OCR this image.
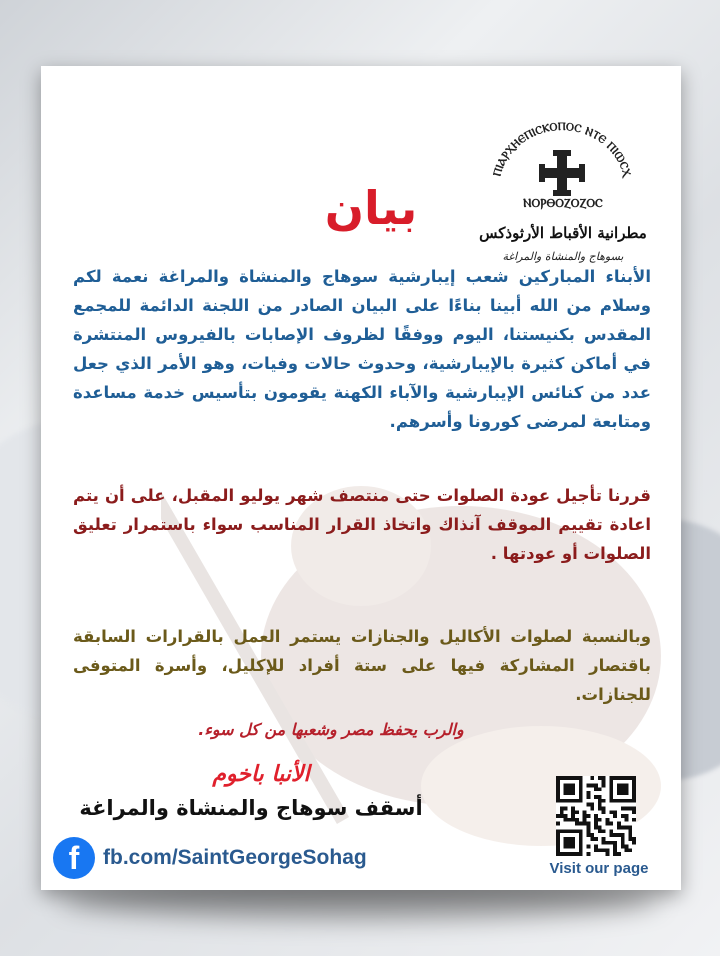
ⲠⲒⲀⲢⲬⲎⲈⲠⲒⲤⲔⲞⲠⲞⲤ ⲚⲦⲈ ⲠⲒⲰⲤⲬ
ⲚⲞⲢⲐⲞⲌⲞⲌⲞⲤ
مطرانية الأقباط الأرثوذكس
بسوهاج والمنشاة والمراغة
بيان
الأبناء المباركين شعب إيبارشية سوهاج والمنشاة والمراغة نعمة لكم وسلام من الله أبينا بناءًا على البيان الصادر من اللجنة الدائمة للمجمع المقدس بكنيستنا، اليوم ووفقًا لظروف الإصابات بالفيروس المنتشرة في أماكن كثيرة بالإيبارشية، وحدوث حالات وفيات، وهو الأمر الذي جعل عدد من كنائس الإيبارشية والآباء الكهنة يقومون بتأسيس خدمة مساعدة ومتابعة لمرضى كورونا وأسرهم.
قررنا تأجيل عودة الصلوات حتى منتصف شهر يوليو المقبل، على أن يتم اعادة تقييم الموقف آنذاك واتخاذ القرار المناسب سواء باستمرار تعليق الصلوات أو عودتها .
وبالنسبة لصلوات الأكاليل والجنازات يستمر العمل بالقرارات السابقة باقتصار المشاركة فيها على ستة أفراد للإكليل، وأسرة المتوفى للجنازات.
والرب يحفظ مصر وشعبها من كل سوء.
الأنبا باخوم
أسقف سوهاج والمنشاة والمراغة
f fb.com/SaintGeorgeSohag	Visit our page
